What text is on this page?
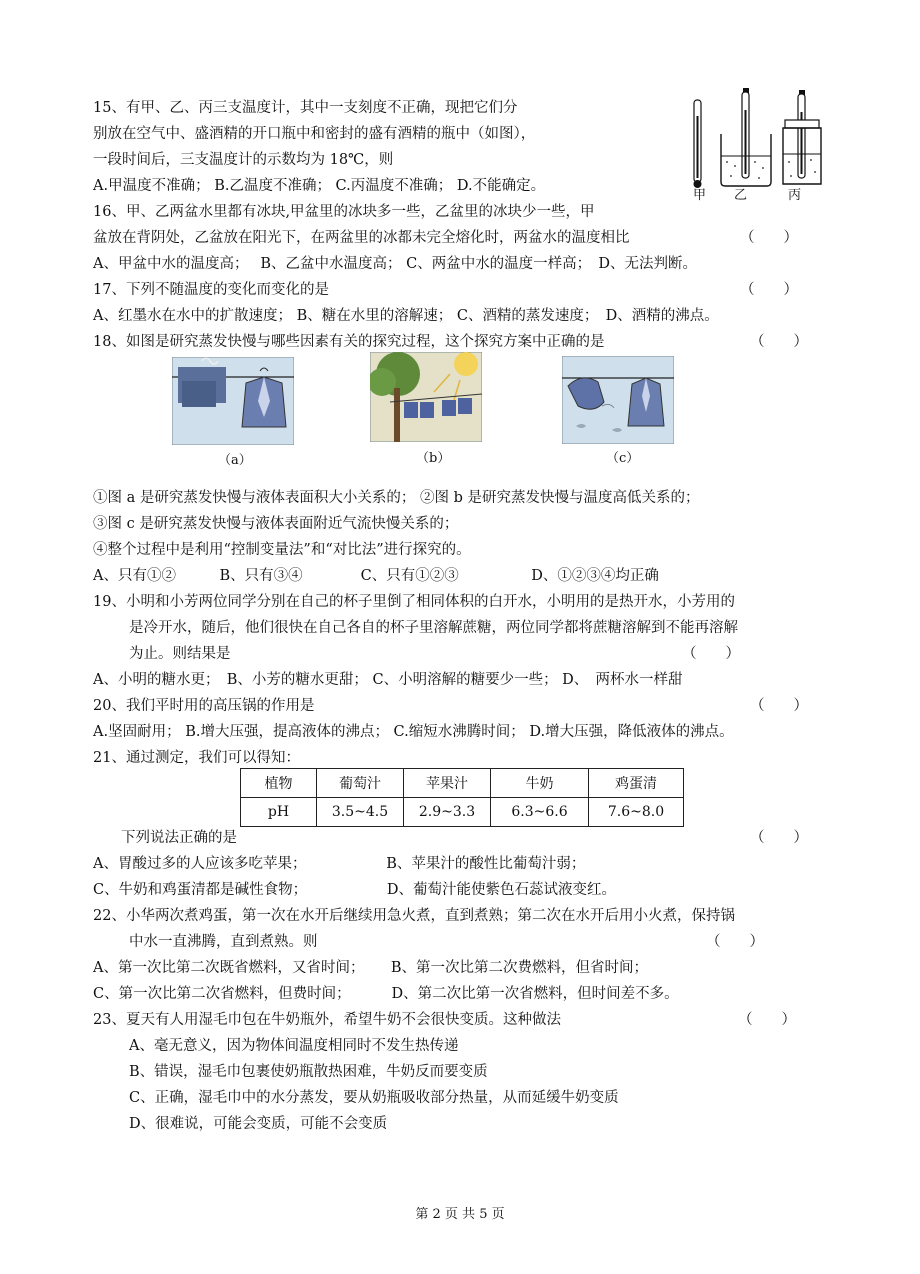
15、有甲、乙、丙三支温度计，其中一支刻度不正确，现把它们分
别放在空气中、盛酒精的开口瓶中和密封的盛有酒精的瓶中（如图），
一段时间后，三支温度计的示数均为 18℃，则
A.甲温度不准确； B.乙温度不准确； C.丙温度不准确； D.不能确定。
甲 乙	丙
16、甲、乙两盆水里都有冰块,甲盆里的冰块多一些，乙盆里的冰块少一些，甲
盆放在背阴处，乙盆放在阳光下，在两盆里的冰都未完全熔化时，两盆水的温度相比	（　　）
A、甲盆中水的温度高；　 B、乙盆中水温度高； C、两盆中水的温度一样高；　D、无法判断。
17、下列不随温度的变化而变化的是	（　　）
A、红墨水在水中的扩散速度； B、糖在水里的溶解速； C、酒精的蒸发速度；　D、酒精的沸点。
18、如图是研究蒸发快慢与哪些因素有关的探究过程，这个探究方案中正确的是	（　　）
（a）	（b）	（c）
①图 a 是研究蒸发快慢与液体表面积大小关系的； ②图 b 是研究蒸发快慢与温度高低关系的；
③图 c 是研究蒸发快慢与液体表面附近气流快慢关系的；
④整个过程中是利用“控制变量法”和“对比法”进行探究的。
A、只有①②　　　B、只有③④　　　　C、只有①②③　　　　　D、①②③④均正确
19、小明和小芳两位同学分别在自己的杯子里倒了相同体积的白开水，小明用的是热开水，小芳用的
是冷开水，随后，他们很快在自己各自的杯子里溶解蔗糖，两位同学都将蔗糖溶解到不能再溶解
为止。则结果是	（　　）
A、小明的糖水更；　B、小芳的糖水更甜； C、小明溶解的糖要少一些； D、　两杯水一样甜
20、我们平时用的高压锅的作用是	（　　）
A.坚固耐用； B.增大压强，提高液体的沸点； C.缩短水沸腾时间； D.增大压强，降低液体的沸点。
21、通过测定，我们可以得知：
植物	葡萄汁	苹果汁	牛奶	鸡蛋清
pH	3.5~4.5	2.9~3.3	6.3~6.6	7.6~8.0
下列说法正确的是	（　　）
A、胃酸过多的人应该多吃苹果；　　　　　　B、苹果汁的酸性比葡萄汁弱；
C、牛奶和鸡蛋清都是碱性食物；　　　　　　D、葡萄汁能使紫色石蕊试液变红。
22、小华两次煮鸡蛋，第一次在水开后继续用急火煮，直到煮熟；第二次在水开后用小火煮，保持锅
中水一直沸腾，直到煮熟。则	（　　）
A、第一次比第二次既省燃料，又省时间；　　 B、第一次比第二次费燃料，但省时间；
C、第一次比第二次省燃料，但费时间；　　　 D、第二次比第一次省燃料，但时间差不多。
23、夏天有人用湿毛巾包在牛奶瓶外，希望牛奶不会很快变质。这种做法	（　　）
A、毫无意义，因为物体间温度相同时不发生热传递
B、错误，湿毛巾包裹使奶瓶散热困难，牛奶反而要变质
C、正确，湿毛巾中的水分蒸发，要从奶瓶吸收部分热量，从而延缓牛奶变质
D、很难说，可能会变质，可能不会变质
第 2 页 共 5 页
